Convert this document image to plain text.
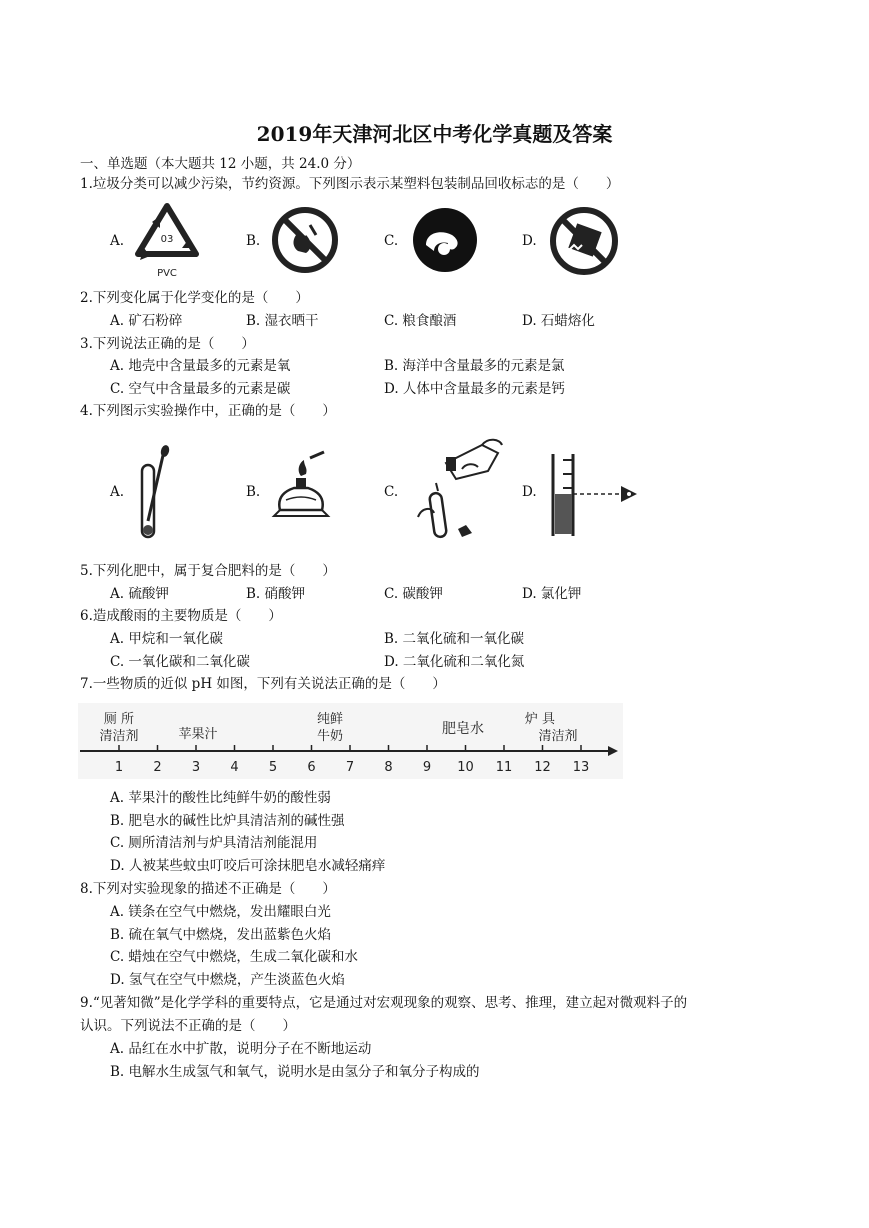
2019年天津河北区中考化学真题及答案
一、单选题（本大题共 12 小题，共 24.0 分）
1.垃圾分类可以减少污染，节约资源。下列图示表示某塑料包装制品回收标志的是（　　）
A.	B.	C.	D.
03
PVC
2.下列变化属于化学变化的是（　　）
A. 矿石粉碎	B. 湿衣晒干	C. 粮食酿酒	D. 石蜡熔化
3.下列说法正确的是（　　）
A. 地壳中含量最多的元素是氧	B. 海洋中含量最多的元素是氯
C. 空气中含量最多的元素是碳	D. 人体中含量最多的元素是钙
4.下列图示实验操作中，正确的是（　　）
A.	B.	C.	D.
5.下列化肥中，属于复合肥料的是（　　）
A. 硫酸钾	B. 硝酸钾	C. 碳酸钾	D. 氯化钾
6.造成酸雨的主要物质是（　　）
A. 甲烷和一氧化碳	B. 二氧化硫和一氧化碳
C. 一氧化碳和二氧化碳	D. 二氧化硫和二氧化氮
7.一些物质的近似 pH 如图，下列有关说法正确的是（　　）
厕 所
清洁剂	苹果汁
纯鲜
牛奶
炉 具
清洁剂
肥皂水
1 2 3 4 5 6 7 8 9 10 11 12 13
A. 苹果汁的酸性比纯鲜牛奶的酸性弱
B. 肥皂水的碱性比炉具清洁剂的碱性强
C. 厕所清洁剂与炉具清洁剂能混用
D. 人被某些蚊虫叮咬后可涂抹肥皂水减轻痛痒
8.下列对实验现象的描述不正确是（　　）
A. 镁条在空气中燃烧，发出耀眼白光
B. 硫在氧气中燃烧，发出蓝紫色火焰
C. 蜡烛在空气中燃烧，生成二氧化碳和水
D. 氢气在空气中燃烧，产生淡蓝色火焰
9.“见著知微”是化学学科的重要特点，它是通过对宏观现象的观察、思考、推理，建立起对微观料子的
认识。下列说法不正确的是（　　）
A. 品红在水中扩散，说明分子在不断地运动
B. 电解水生成氢气和氧气，说明水是由氢分子和氧分子构成的
